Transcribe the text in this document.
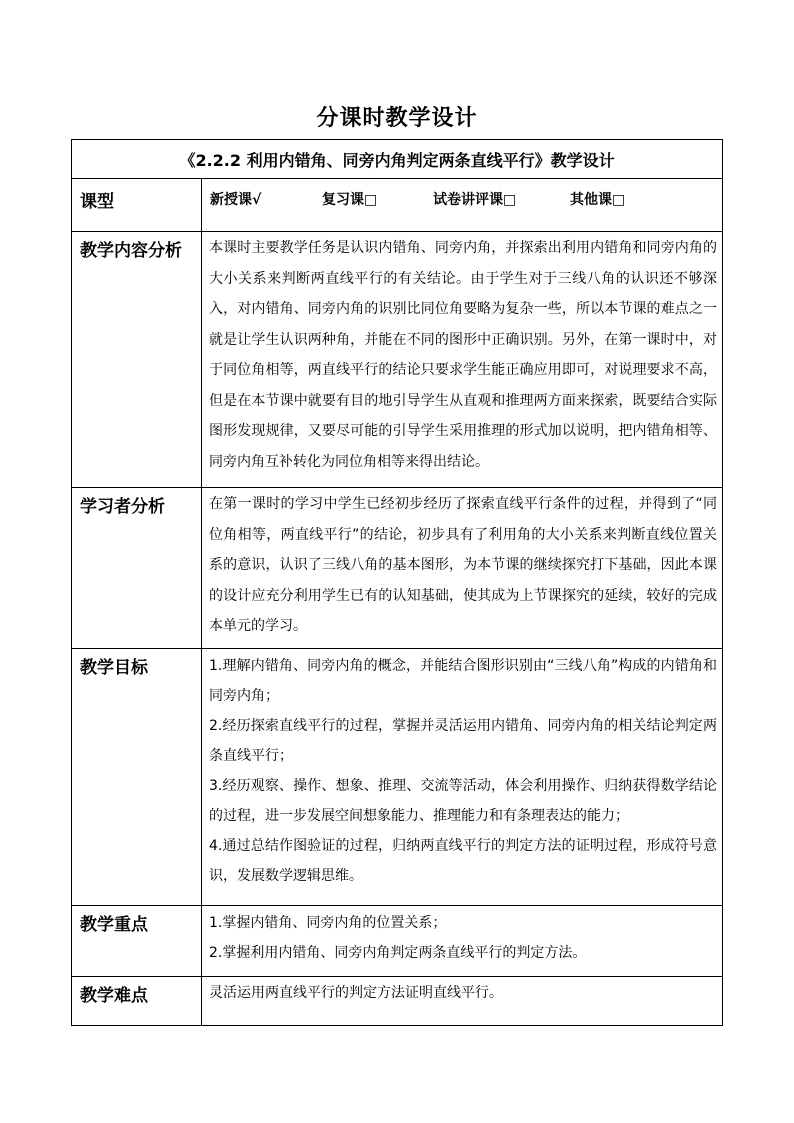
分课时教学设计
《2.2.2 利用内错角、同旁内角判定两条直线平行》教学设计	
课型	新授课√ 复习课□ 试卷讲评课□ 其他课□

教学内容分析	本课时主要教学任务是认识内错角、同旁内角，并探索出利用内错角和同旁内角的大小关系来判断两直线平行的有关结论。由于学生对于三线八角的认识还不够深入，对内错角、同旁内角的识别比同位角要略为复杂一些，所以本节课的难点之一就是让学生认识两种角，并能在不同的图形中正确识别。另外，在第一课时中，对于同位角相等，两直线平行的结论只要求学生能正确应用即可，对说理要求不高，但是在本节课中就要有目的地引导学生从直观和推理两方面来探索，既要结合实际图形发现规律，又要尽可能的引导学生采用推理的形式加以说明，把内错角相等、同旁内角互补转化为同位角相等来得出结论。

学习者分析	在第一课时的学习中学生已经初步经历了探索直线平行条件的过程，并得到了“同位角相等，两直线平行”的结论，初步具有了利用角的大小关系来判断直线位置关系的意识，认识了三线八角的基本图形，为本节课的继续探究打下基础，因此本课的设计应充分利用学生已有的认知基础，使其成为上节课探究的延续，较好的完成本单元的学习。

教学目标	1.理解内错角、同旁内角的概念，并能结合图形识别由“三线八角”构成的内错角和同旁内角；
2.经历探索直线平行的过程，掌握并灵活运用内错角、同旁内角的相关结论判定两条直线平行；
3.经历观察、操作、想象、推理、交流等活动，体会利用操作、归纳获得数学结论的过程，进一步发展空间想象能力、推理能力和有条理表达的能力；
4.通过总结作图验证的过程，归纳两直线平行的判定方法的证明过程，形成符号意识，发展数学逻辑思维。

教学重点	1.掌握内错角、同旁内角的位置关系；
2.掌握利用内错角、同旁内角判定两条直线平行的判定方法。

教学难点	灵活运用两直线平行的判定方法证明直线平行。
